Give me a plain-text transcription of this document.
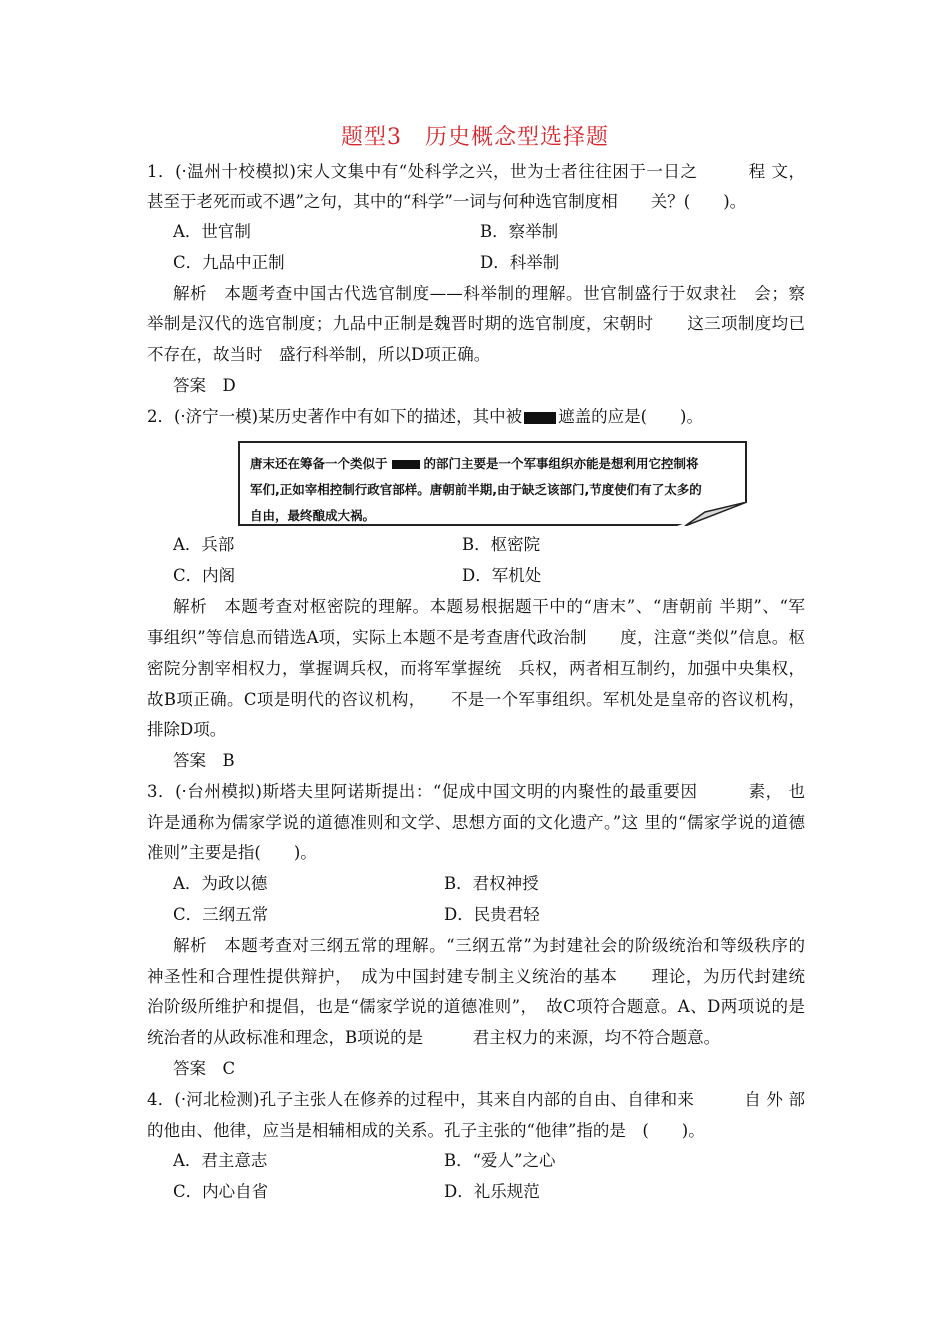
题型3　历史概念型选择题
1．(·温州十校模拟)宋人文集中有“处科学之兴，世为士者往往困于一日之　　　程 文，
甚至于老死而或不遇”之句，其中的“科学”一词与何种选官制度相　　关？(　　)。
A．世官制	B．察举制
C．九品中正制	D．科举制
解析　本题考查中国古代选官制度——科举制的理解。世官制盛行于奴隶社　会；察
举制是汉代的选官制度；九品中正制是魏晋时期的选官制度，宋朝时　　这三项制度均已
不存在，故当时　盛行科举制，所以D项正确。
答案　D
2．(·济宁一模)某历史著作中有如下的描述，其中被 遮盖的应是(　　)。
唐末还在筹备一个类似于	的部门主要是一个军事组织亦能是想利用它控制将
军们,正如宰相控制行政官部样。唐朝前半期,由于缺乏该部门,节度使们有了太多的
自由，最终酿成大祸。
A．兵部	B．枢密院
C．内阁	D．军机处
解析　本题考查对枢密院的理解。本题易根据题干中的“唐末”、“唐朝前 半期”、“军
事组织”等信息而错选A项，实际上本题不是考查唐代政治制　　度，注意“类似”信息。枢
密院分割宰相权力，掌握调兵权，而将军掌握统　兵权，两者相互制约，加强中央集权，
故B项正确。C项是明代的咨议机构，　　不是一个军事组织。军机处是皇帝的咨议机构，
排除D项。
答案　B
3．(·台州模拟)斯塔夫里阿诺斯提出：“促成中国文明的内聚性的最重要因　　　素， 也
许是通称为儒家学说的道德准则和文学、思想方面的文化遗产。”这 里的“儒家学说的道德
准则”主要是指(　　)。
A．为政以德	B．君权神授
C．三纲五常	D．民贵君轻
解析　本题考查对三纲五常的理解。“三纲五常”为封建社会的阶级统治和等级秩序的
神圣性和合理性提供辩护，　成为中国封建专制主义统治的基本　　理论，为历代封建统
治阶级所维护和提倡，也是“儒家学说的道德准则”，　故C项符合题意。A、D两项说的是
统治者的从政标准和理念，B项说的是　　　君主权力的来源，均不符合题意。
答案　C
4．(·河北检测)孔子主张人在修养的过程中，其来自内部的自由、自律和来　　　自 外 部
的他由、他律，应当是相辅相成的关系。孔子主张的“他律”指的是　(　　)。
A．君主意志	B．“爱人”之心
C．内心自省	D．礼乐规范
